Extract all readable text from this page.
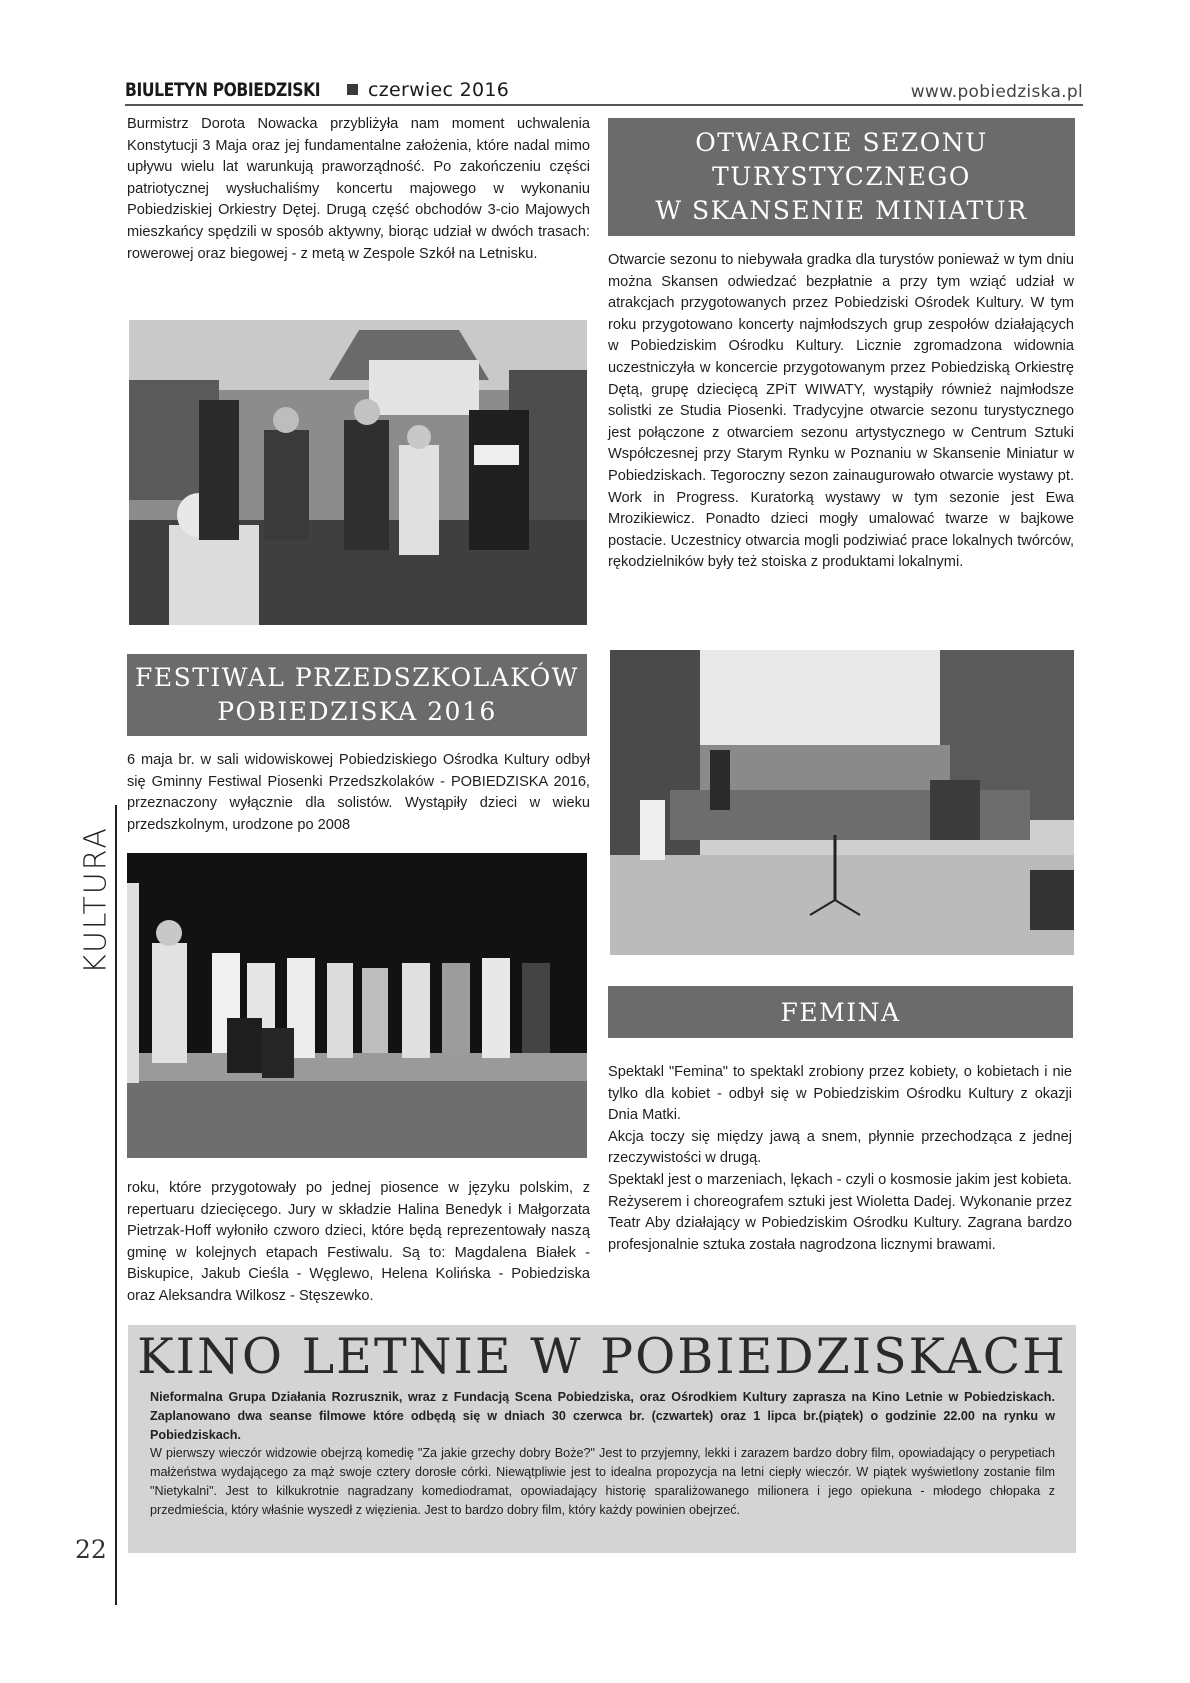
BIULETYN POBIEDZISKI	czerwiec 2016	www.pobiedziska.pl

Burmistrz Dorota Nowacka przybliżyła nam moment uchwalenia Konstytucji 3 Maja oraz jej fundamentalne założenia, które nadal mimo upływu wielu lat warunkują praworządność. Po zakończeniu części patriotycznej wysłuchaliśmy koncertu majowego w wykonaniu Pobiedziskiej Orkiestry Dętej. Drugą część obchodów 3-cio Majowych mieszkańcy spędzili w sposób aktywny, biorąc udział w dwóch trasach: rowerowej oraz biegowej - z metą w Zespole Szkół na Letnisku.

OTWARCIE SEZONU
TURYSTYCZNEGO
W SKANSENIE MINIATUR

Otwarcie sezonu to niebywała gradka dla turystów ponieważ w tym dniu można Skansen odwiedzać bezpłatnie a przy tym wziąć udział w atrakcjach przygotowanych przez Pobiedziski Ośrodek Kultury. W tym roku przygotowano koncerty najmłodszych grup zespołów działających w Pobiedziskim Ośrodku Kultury. Licznie zgromadzona widownia uczestniczyła w koncercie przygotowanym przez Pobiedziską Orkiestrę Dętą, grupę dziecięcą ZPiT WIWATY, wystąpiły również najmłodsze solistki ze Studia Piosenki. Tradycyjne otwarcie sezonu turystycznego jest połączone z otwarciem sezonu artystycznego w Centrum Sztuki Współczesnej przy Starym Rynku w Poznaniu w Skansenie Miniatur w Pobiedziskach. Tegoroczny sezon zainaugurowało otwarcie wystawy pt. Work in Progress. Kuratorką wystawy w tym sezonie jest Ewa Mrozikiewicz. Ponadto dzieci mogły umalować twarze w bajkowe postacie. Uczestnicy otwarcia mogli podziwiać prace lokalnych twórców, rękodzielników były też stoiska z produktami lokalnymi.

FESTIWAL PRZEDSZKOLAKÓW
POBIEDZISKA 2016

6 maja br. w sali widowiskowej Pobiedziskiego Ośrodka Kultury odbył się Gminny Festiwal Piosenki Przedszkolaków - POBIEDZISKA 2016, przeznaczony wyłącznie dla solistów. Wystąpiły dzieci w wieku przedszkolnym, urodzone po 2008

roku, które przygotowały po jednej piosence w języku polskim, z repertuaru dziecięcego. Jury w składzie Halina Benedyk i Małgorzata Pietrzak-Hoff wyłoniło czworo dzieci, które będą reprezentowały naszą gminę w kolejnych etapach Festiwalu. Są to: Magdalena Białek - Biskupice, Jakub Cieśla - Węglewo, Helena Kolińska - Pobiedziska oraz Aleksandra Wilkosz - Stęszewko.

FEMINA

Spektakl "Femina" to spektakl zrobiony przez kobiety, o kobietach i nie tylko dla kobiet - odbył się w Pobiedziskim Ośrodku Kultury z okazji Dnia Matki.

Akcja toczy się między jawą a snem, płynnie przechodząca z jednej rzeczywistości w drugą.

Spektakl jest o marzeniach, lękach - czyli o kosmosie jakim jest kobieta. Reżyserem i choreografem sztuki jest Wioletta Dadej. Wykonanie przez Teatr Aby działający w Pobiedziskim Ośrodku Kultury. Zagrana bardzo profesjonalnie sztuka została nagrodzona licznymi brawami.

KULTURA
22
KINO LETNIE W POBIEDZISKACH

Nieformalna Grupa Działania Rozrusznik, wraz z Fundacją Scena Pobiedziska, oraz Ośrodkiem Kultury zaprasza na Kino Letnie w Pobiedziskach. Zaplanowano dwa seanse filmowe które odbędą się w dniach 30 czerwca br. (czwartek) oraz 1 lipca br.(piątek) o godzinie 22.00 na rynku w Pobiedziskach.

W pierwszy wieczór widzowie obejrzą komedię "Za jakie grzechy dobry Boże?" Jest to przyjemny, lekki i zarazem bardzo dobry film, opowiadający o perypetiach małżeństwa wydającego za mąż swoje cztery dorosłe córki. Niewątpliwie jest to idealna propozycja na letni ciepły wieczór. W piątek wyświetlony zostanie film "Nietykalni". Jest to kilkukrotnie nagradzany komediodramat, opowiadający historię sparaliżowanego milionera i jego opiekuna - młodego chłopaka z przedmieścia, który właśnie wyszedł z więzienia. Jest to bardzo dobry film, który każdy powinien obejrzeć.
